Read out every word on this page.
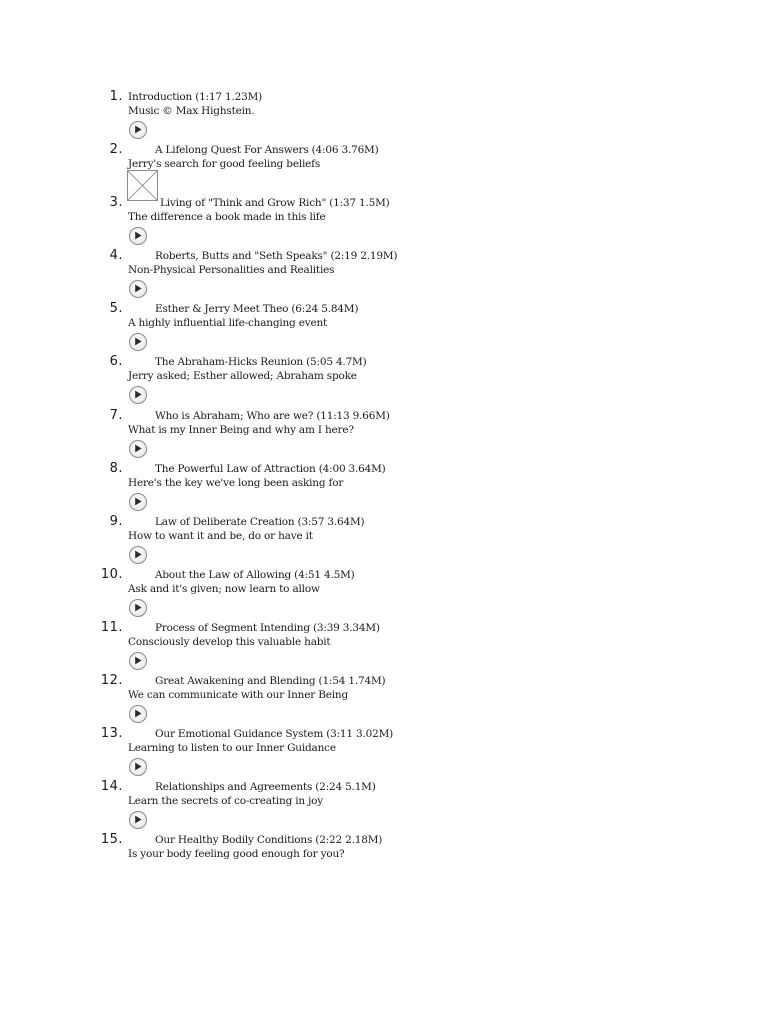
1. Introduction (1:17 1.23M)
Music © Max Highstein.
2.	A Lifelong Quest For Answers (4:06 3.76M)
Jerry's search for good feeling beliefs
3.	Living of "Think and Grow Rich" (1:37 1.5M)
The difference a book made in this life
4.	Roberts, Butts and "Seth Speaks" (2:19 2.19M)
Non-Physical Personalities and Realities
5.	Esther & Jerry Meet Theo (6:24 5.84M)
A highly influential life-changing event
6.	The Abraham-Hicks Reunion (5:05 4.7M)
Jerry asked; Esther allowed; Abraham spoke
7.	Who is Abraham; Who are we? (11:13 9.66M)
What is my Inner Being and why am I here?
8.	The Powerful Law of Attraction (4:00 3.64M)
Here's the key we've long been asking for
9.	Law of Deliberate Creation (3:57 3.64M)
How to want it and be, do or have it
10.	About the Law of Allowing (4:51 4.5M)
Ask and it's given; now learn to allow
11.	Process of Segment Intending (3:39 3.34M)
Consciously develop this valuable habit
12.	Great Awakening and Blending (1:54 1.74M)
We can communicate with our Inner Being
13.	Our Emotional Guidance System (3:11 3.02M)
Learning to listen to our Inner Guidance
14.	Relationships and Agreements (2:24 5.1M)
Learn the secrets of co-creating in joy
15.	Our Healthy Bodily Conditions (2:22 2.18M)
Is your body feeling good enough for you?
